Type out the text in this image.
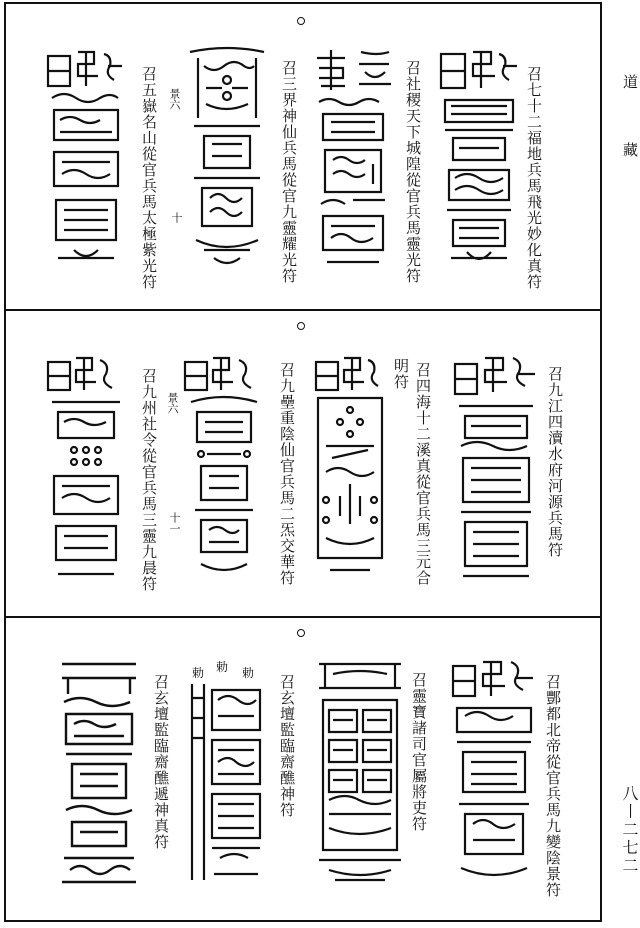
道
藏
八〡二七二
召七十二福地兵馬飛光妙化真符
召社稷天下城隍從官兵馬靈光符
召三界神仙兵馬從官九靈耀光符
召五嶽名山從官兵馬太極紫光符 景六
十
召九江四瀆水府河源兵馬符
召四海十二溪真從官兵馬三元合
明符
召九壘重陰仙官兵馬二炁交華符
召九州社令從官兵馬三靈九晨符 景六
十一
召酆都北帝從官兵馬九變陰景符
召靈寶諸司官屬將吏符
召玄壇監臨齋醮神符
勅 勅 勅
召玄壇監臨齋醮遞神真符
